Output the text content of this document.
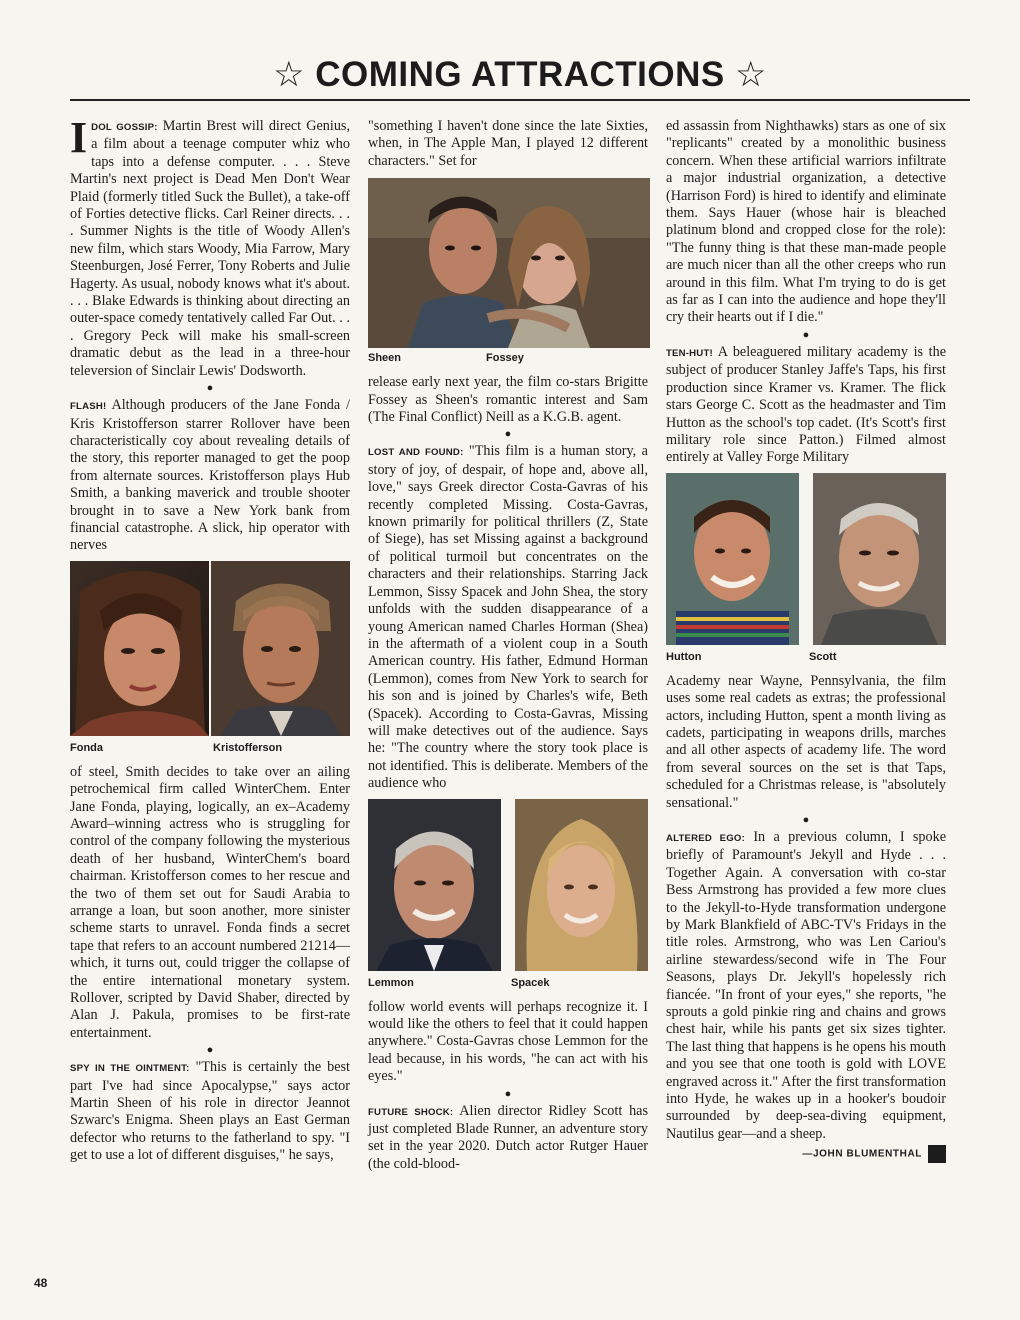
☆ COMING ATTRACTIONS ☆

IDOL GOSSIP: Martin Brest will direct Genius, a film about a teenage computer whiz who taps into a defense computer. . . . Steve Martin's next project is Dead Men Don't Wear Plaid (formerly titled Suck the Bullet), a take-off of Forties detective flicks. Carl Reiner directs. . . . Summer Nights is the title of Woody Allen's new film, which stars Woody, Mia Farrow, Mary Steenburgen, José Ferrer, Tony Roberts and Julie Hagerty. As usual, nobody knows what it's about. . . . Blake Edwards is thinking about directing an outer-space comedy tentatively called Far Out. . . . Gregory Peck will make his small-screen dramatic debut as the lead in a three-hour televersion of Sinclair Lewis' Dodsworth.

●

FLASH! Although producers of the Jane Fonda / Kris Kristofferson starrer Rollover have been characteristically coy about revealing details of the story, this reporter managed to get the poop from alternate sources. Kristofferson plays Hub Smith, a banking maverick and trouble shooter brought in to save a New York bank from financial catastrophe. A slick, hip operator with nerves

Fonda	Kristofferson

of steel, Smith decides to take over an ailing petrochemical firm called WinterChem. Enter Jane Fonda, playing, logically, an ex–Academy Award–winning actress who is struggling for control of the company following the mysterious death of her husband, WinterChem's board chairman. Kristofferson comes to her rescue and the two of them set out for Saudi Arabia to arrange a loan, but soon another, more sinister scheme starts to unravel. Fonda finds a secret tape that refers to an account numbered 21214—which, it turns out, could trigger the collapse of the entire international monetary system. Rollover, scripted by David Shaber, directed by Alan J. Pakula, promises to be first-rate entertainment.

●

SPY IN THE OINTMENT: "This is certainly the best part I've had since Apocalypse," says actor Martin Sheen of his role in director Jeannot Szwarc's Enigma. Sheen plays an East German defector who returns to the fatherland to spy. "I get to use a lot of different disguises," he says,

"something I haven't done since the late Sixties, when, in The Apple Man, I played 12 different characters." Set for

Sheen	Fossey

release early next year, the film co-stars Brigitte Fossey as Sheen's romantic interest and Sam (The Final Conflict) Neill as a K.G.B. agent.

●

LOST AND FOUND: "This film is a human story, a story of joy, of despair, of hope and, above all, love," says Greek director Costa-Gavras of his recently completed Missing. Costa-Gavras, known primarily for political thrillers (Z, State of Siege), has set Missing against a background of political turmoil but concentrates on the characters and their relationships. Starring Jack Lemmon, Sissy Spacek and John Shea, the story unfolds with the sudden disappearance of a young American named Charles Horman (Shea) in the aftermath of a violent coup in a South American country. His father, Edmund Horman (Lemmon), comes from New York to search for his son and is joined by Charles's wife, Beth (Spacek). According to Costa-Gavras, Missing will make detectives out of the audience. Says he: "The country where the story took place is not identified. This is deliberate. Members of the audience who

Lemmon	Spacek

follow world events will perhaps recognize it. I would like the others to feel that it could happen anywhere." Costa-Gavras chose Lemmon for the lead because, in his words, "he can act with his eyes."

●

FUTURE SHOCK: Alien director Ridley Scott has just completed Blade Runner, an adventure story set in the year 2020. Dutch actor Rutger Hauer (the cold-blood-

ed assassin from Nighthawks) stars as one of six "replicants" created by a monolithic business concern. When these artificial warriors infiltrate a major industrial organization, a detective (Harrison Ford) is hired to identify and eliminate them. Says Hauer (whose hair is bleached platinum blond and cropped close for the role): "The funny thing is that these man-made people are much nicer than all the other creeps who run around in this film. What I'm trying to do is get as far as I can into the audience and hope they'll cry their hearts out if I die."

●

TEN-HUT! A beleaguered military academy is the subject of producer Stanley Jaffe's Taps, his first production since Kramer vs. Kramer. The flick stars George C. Scott as the headmaster and Tim Hutton as the school's top cadet. (It's Scott's first military role since Patton.) Filmed almost entirely at Valley Forge Military

Hutton	Scott

Academy near Wayne, Pennsylvania, the film uses some real cadets as extras; the professional actors, including Hutton, spent a month living as cadets, participating in weapons drills, marches and all other aspects of academy life. The word from several sources on the set is that Taps, scheduled for a Christmas release, is "absolutely sensational."

●

ALTERED EGO: In a previous column, I spoke briefly of Paramount's Jekyll and Hyde . . . Together Again. A conversation with co-star Bess Armstrong has provided a few more clues to the Jekyll-to-Hyde transformation undergone by Mark Blankfield of ABC-TV's Fridays in the title roles. Armstrong, who was Len Cariou's airline stewardess/second wife in The Four Seasons, plays Dr. Jekyll's hopelessly rich fiancée. "In front of your eyes," she reports, "he sprouts a gold pinkie ring and chains and grows chest hair, while his pants get six sizes tighter. The last thing that happens is he opens his mouth and you see that one tooth is gold with LOVE engraved across it." After the first transformation into Hyde, he wakes up in a hooker's boudoir surrounded by deep-sea-diving equipment, Nautilus gear—and a sheep.

—JOHN BLUMENTHAL
48
